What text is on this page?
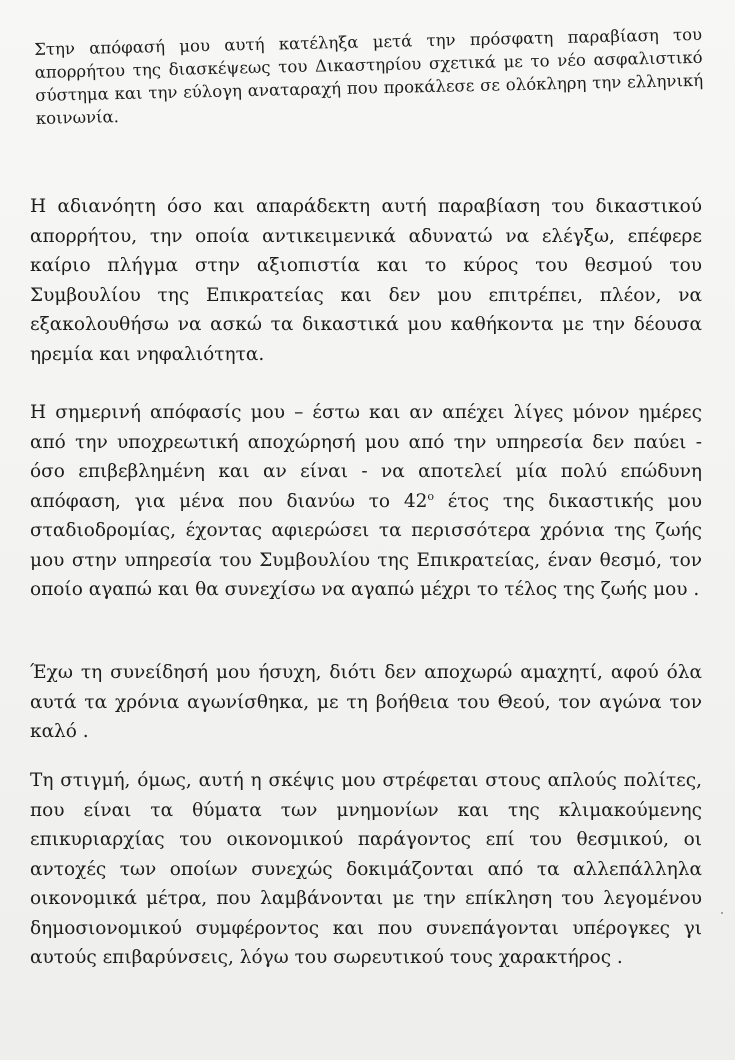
Στην απόφασή μου αυτή κατέληξα μετά την πρόσφατη παραβίαση του απορρήτου της διασκέψεως του Δικαστηρίου σχετικά με το νέο ασφαλιστικό σύστημα και την εύλογη αναταραχή που προκάλεσε σε ολόκληρη την ελληνική κοινωνία.

Η αδιανόητη όσο και απαράδεκτη αυτή παραβίαση του δικαστικού απορρήτου, την οποία αντικειμενικά αδυνατώ να ελέγξω, επέφερε καίριο πλήγμα στην αξιοπιστία και το κύρος του θεσμού του Συμβουλίου της Επικρατείας και δεν μου επιτρέπει, πλέον, να εξακολουθήσω να ασκώ τα δικαστικά μου καθήκοντα με την δέουσα ηρεμία και νηφαλιότητα.

Η σημερινή απόφασίς μου – έστω και αν απέχει λίγες μόνον ημέρες από την υποχρεωτική αποχώρησή μου από την υπηρεσία δεν παύει - όσο επιβεβλημένη και αν είναι - να αποτελεί μία πολύ επώδυνη απόφαση, για μένα που διανύω το $42^o$ έτος της δικαστικής μου σταδιοδρομίας, έχοντας αφιερώσει τα περισσότερα χρόνια της ζωής μου στην υπηρεσία του Συμβουλίου της Επικρατείας, έναν θεσμό, τον οποίο αγαπώ και θα συνεχίσω να αγαπώ μέχρι το τέλος της ζωής μου .

Έχω τη συνείδησή μου ήσυχη, διότι δεν αποχωρώ αμαχητί, αφού όλα αυτά τα χρόνια αγωνίσθηκα, με τη βοήθεια του Θεού, τον αγώνα τον καλό .

Τη στιγμή, όμως, αυτή η σκέψις μου στρέφεται στους απλούς πολίτες, που είναι τα θύματα των μνημονίων και της κλιμακούμενης επικυριαρχίας του οικονομικού παράγοντος επί του θεσμικού, οι αντοχές των οποίων συνεχώς δοκιμάζονται από τα αλλεπάλληλα οικονομικά μέτρα, που λαμβάνονται με την επίκληση του λεγομένου δημοσιονομικού συμφέροντος και που συνεπάγονται υπέρογκες γι αυτούς επιβαρύνσεις, λόγω του σωρευτικού τους χαρακτήρος .
